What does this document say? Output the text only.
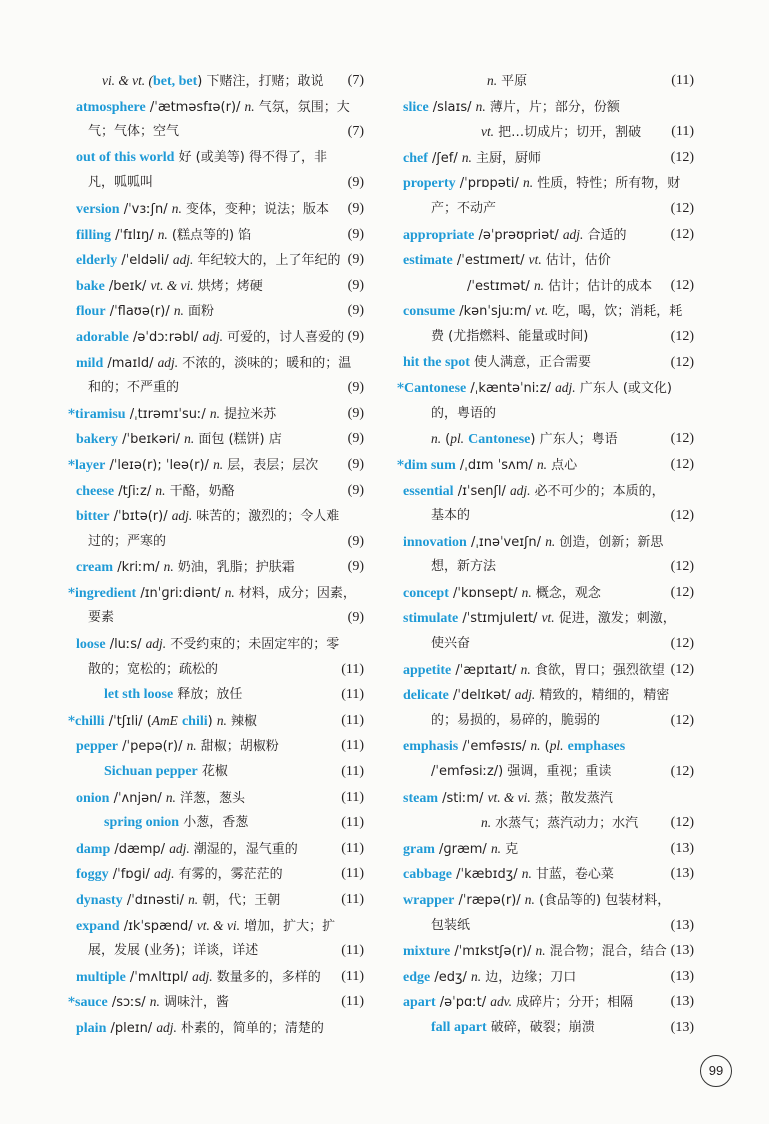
vi. & vt. (bet, bet) 下赌注，打赌；敢说 (7)
atmosphere /ˈætməsfɪə(r)/ n. 气氛，氛围；大
气；气体；空气	(7)
out of this world 好 (或美等) 得不得了，非
凡，呱呱叫	(9)
version /ˈvɜːʃn/ n. 变体，变种；说法；版本 (9)
filling /ˈfɪlɪŋ/ n. (糕点等的) 馅	(9)
elderly /ˈeldəli/ adj. 年纪较大的，上了年纪的 (9)
bake /beɪk/ vt. & vi. 烘烤；烤硬	(9)
flour /ˈflaʊə(r)/ n. 面粉	(9)
adorable /əˈdɔːrəbl/ adj. 可爱的，讨人喜爱的 (9)
mild /maɪld/ adj. 不浓的，淡味的；暖和的；温
和的；不严重的	(9)
*tiramisu /ˌtɪrəmɪˈsuː/ n. 提拉米苏	(9)
bakery /ˈbeɪkəri/ n. 面包 (糕饼) 店	(9)
*layer /ˈleɪə(r); ˈleə(r)/ n. 层，表层；层次 (9)
cheese /tʃiːz/ n. 干酪，奶酪	(9)
bitter /ˈbɪtə(r)/ adj. 味苦的；激烈的；令人难
过的；严寒的	(9)
cream /kriːm/ n. 奶油，乳脂；护肤霜	(9)
*ingredient /ɪnˈɡriːdiənt/ n. 材料，成分；因素，
要素	(9)
loose /luːs/ adj. 不受约束的；未固定牢的；零
散的；宽松的；疏松的	(11)
let sth loose 释放；放任	(11)
*chilli /ˈtʃɪli/ (AmE chili) n. 辣椒	(11)
pepper /ˈpepə(r)/ n. 甜椒；胡椒粉	(11)
Sichuan pepper 花椒	(11)
onion /ˈʌnjən/ n. 洋葱，葱头	(11)
spring onion 小葱，香葱	(11)
damp /dæmp/ adj. 潮湿的，湿气重的	(11)
foggy /ˈfɒɡi/ adj. 有雾的，雾茫茫的	(11)
dynasty /ˈdɪnəsti/ n. 朝，代；王朝	(11)
expand /ɪkˈspænd/ vt. & vi. 增加，扩大；扩
展，发展 (业务)；详谈，详述	(11)
multiple /ˈmʌltɪpl/ adj. 数量多的，多样的 (11)
*sauce /sɔːs/ n. 调味汁，酱	(11)
plain /pleɪn/ adj. 朴素的，简单的；清楚的
n. 平原	(11)
slice /slaɪs/ n. 薄片，片；部分，份额
vt. 把…切成片；切开，割破 (11)
chef /ʃef/ n. 主厨，厨师	(12)
property /ˈprɒpəti/ n. 性质，特性；所有物，财
产；不动产	(12)
appropriate /əˈprəʊpriət/ adj. 合适的	(12)
estimate /ˈestɪmeɪt/ vt. 估计，估价
/ˈestɪmət/ n. 估计；估计的成本 (12)
consume /kənˈsjuːm/ vt. 吃，喝，饮；消耗，耗
费 (尤指燃料、能量或时间)	(12)
hit the spot 使人满意，正合需要	(12)
*Cantonese /ˌkæntəˈniːz/ adj. 广东人 (或文化)
的，粤语的
n. (pl. Cantonese) 广东人；粤语	(12)
*dim sum /ˌdɪm ˈsʌm/ n. 点心	(12)
essential /ɪˈsenʃl/ adj. 必不可少的；本质的，
基本的	(12)
innovation /ˌɪnəˈveɪʃn/ n. 创造，创新；新思
想，新方法	(12)
concept /ˈkɒnsept/ n. 概念，观念	(12)
stimulate /ˈstɪmjuleɪt/ vt. 促进，激发；刺激，
使兴奋	(12)
appetite /ˈæpɪtaɪt/ n. 食欲，胃口；强烈欲望 (12)
delicate /ˈdelɪkət/ adj. 精致的，精细的，精密
的；易损的，易碎的，脆弱的	(12)
emphasis /ˈemfəsɪs/ n. (pl. emphases
/ˈemfəsiːz/) 强调，重视；重读	(12)
steam /stiːm/ vt. & vi. 蒸；散发蒸汽
n. 水蒸气；蒸汽动力；水汽 (12)
gram /ɡræm/ n. 克	(13)
cabbage /ˈkæbɪdʒ/ n. 甘蓝，卷心菜	(13)
wrapper /ˈræpə(r)/ n. (食品等的) 包装材料，
包装纸	(13)
mixture /ˈmɪkstʃə(r)/ n. 混合物；混合，结合 (13)
edge /edʒ/ n. 边，边缘；刀口	(13)
apart /əˈpɑːt/ adv. 成碎片；分开；相隔	(13)
fall apart 破碎，破裂；崩溃	(13)
99
